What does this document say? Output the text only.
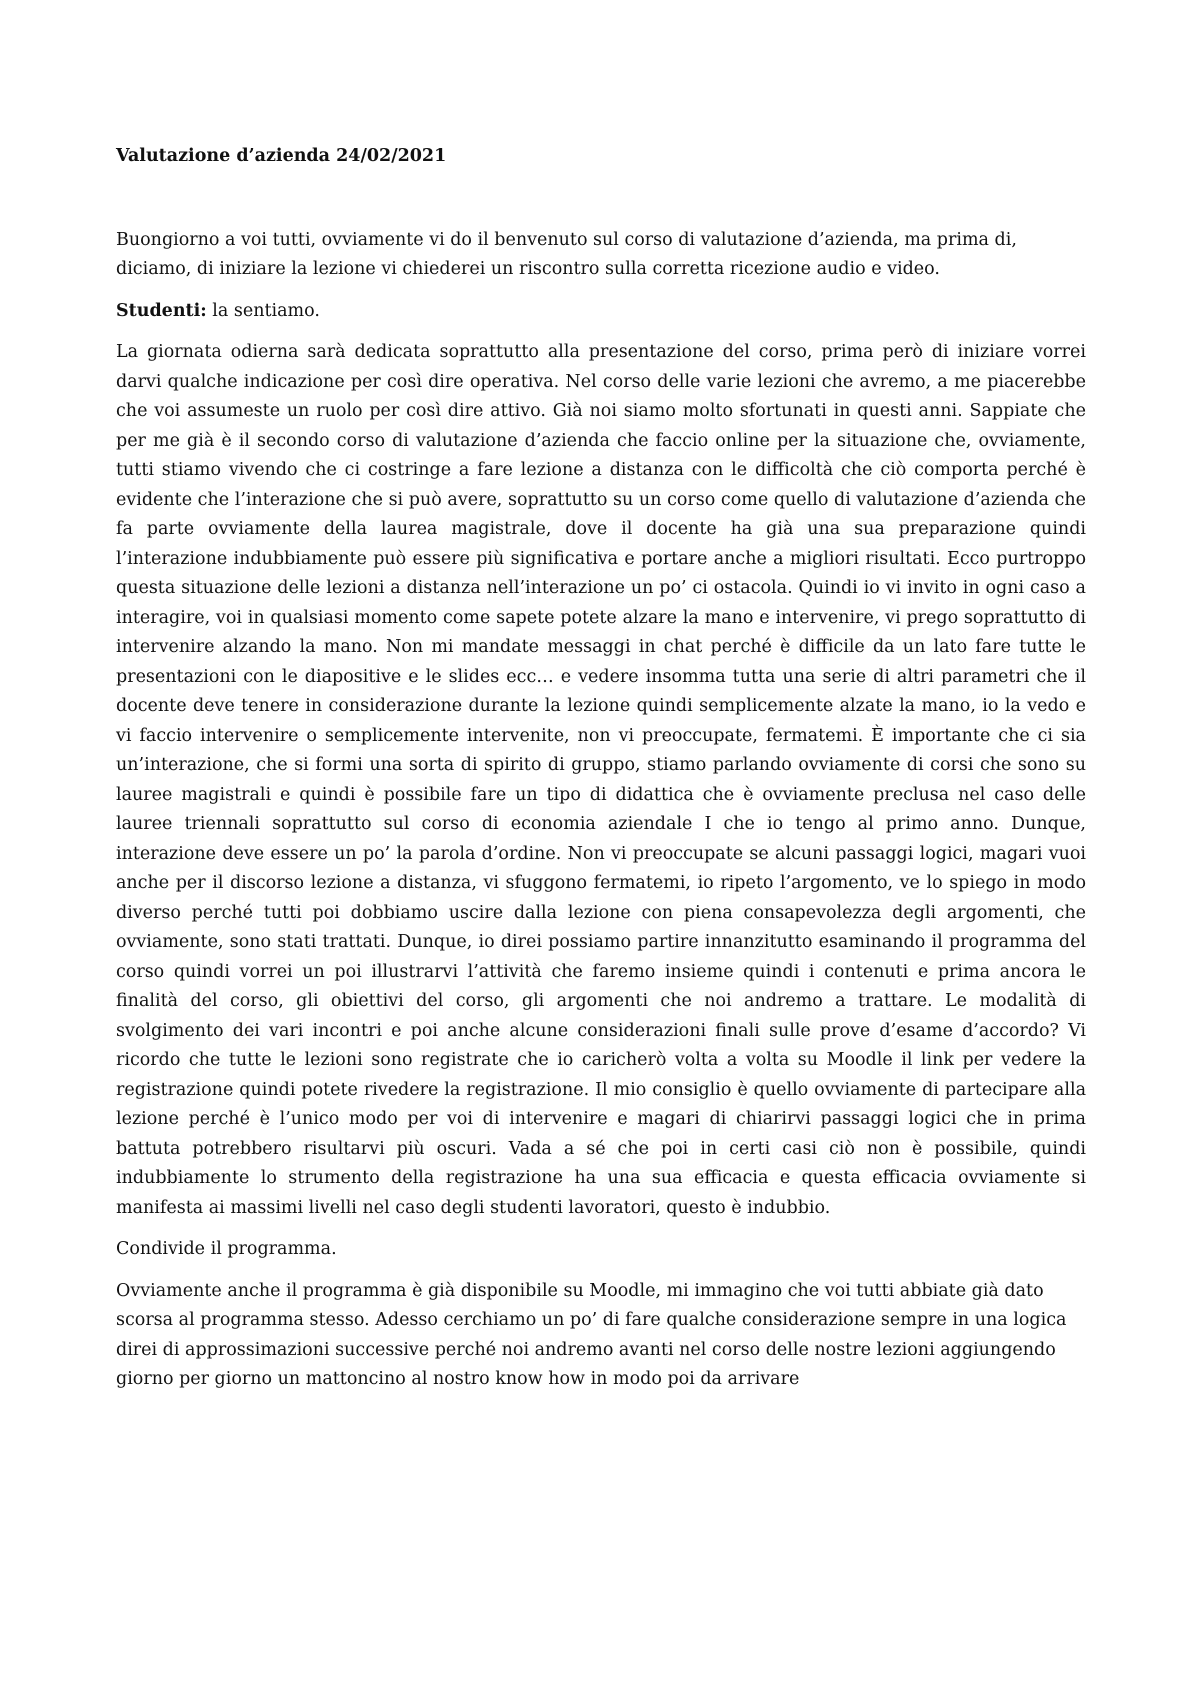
Valutazione d’azienda 24/02/2021

Buongiorno a voi tutti, ovviamente vi do il benvenuto sul corso di valutazione d’azienda, ma prima di, diciamo, di iniziare la lezione vi chiederei un riscontro sulla corretta ricezione audio e video.

Studenti: la sentiamo.

La giornata odierna sarà dedicata soprattutto alla presentazione del corso, prima però di iniziare vorrei darvi qualche indicazione per così dire operativa. Nel corso delle varie lezioni che avremo, a me piacerebbe che voi assumeste un ruolo per così dire attivo. Già noi siamo molto sfortunati in questi anni. Sappiate che per me già è il secondo corso di valutazione d’azienda che faccio online per la situazione che, ovviamente, tutti stiamo vivendo che ci costringe a fare lezione a distanza con le difficoltà che ciò comporta perché è evidente che l’interazione che si può avere, soprattutto su un corso come quello di valutazione d’azienda che fa parte ovviamente della laurea magistrale, dove il docente ha già una sua preparazione quindi l’interazione indubbiamente può essere più significativa e portare anche a migliori risultati. Ecco purtroppo questa situazione delle lezioni a distanza nell’interazione un po’ ci ostacola. Quindi io vi invito in ogni caso a interagire, voi in qualsiasi momento come sapete potete alzare la mano e intervenire, vi prego soprattutto di intervenire alzando la mano. Non mi mandate messaggi in chat perché è difficile da un lato fare tutte le presentazioni con le diapositive e le slides ecc… e vedere insomma tutta una serie di altri parametri che il docente deve tenere in considerazione durante la lezione quindi semplicemente alzate la mano, io la vedo e vi faccio intervenire o semplicemente intervenite, non vi preoccupate, fermatemi. È importante che ci sia un’interazione, che si formi una sorta di spirito di gruppo, stiamo parlando ovviamente di corsi che sono su lauree magistrali e quindi è possibile fare un tipo di didattica che è ovviamente preclusa nel caso delle lauree triennali soprattutto sul corso di economia aziendale I che io tengo al primo anno. Dunque, interazione deve essere un po’ la parola d’ordine. Non vi preoccupate se alcuni passaggi logici, magari vuoi anche per il discorso lezione a distanza, vi sfuggono fermatemi, io ripeto l’argomento, ve lo spiego in modo diverso perché tutti poi dobbiamo uscire dalla lezione con piena consapevolezza degli argomenti, che ovviamente, sono stati trattati. Dunque, io direi possiamo partire innanzitutto esaminando il programma del corso quindi vorrei un poi illustrarvi l’attività che faremo insieme quindi i contenuti e prima ancora le finalità del corso, gli obiettivi del corso, gli argomenti che noi andremo a trattare. Le modalità di svolgimento dei vari incontri e poi anche alcune considerazioni finali sulle prove d’esame d’accordo? Vi ricordo che tutte le lezioni sono registrate che io caricherò volta a volta su Moodle il link per vedere la registrazione quindi potete rivedere la registrazione. Il mio consiglio è quello ovviamente di partecipare alla lezione perché è l’unico modo per voi di intervenire e magari di chiarirvi passaggi logici che in prima battuta potrebbero risultarvi più oscuri. Vada a sé che poi in certi casi ciò non è possibile, quindi indubbiamente lo strumento della registrazione ha una sua efficacia e questa efficacia ovviamente si manifesta ai massimi livelli nel caso degli studenti lavoratori, questo è indubbio.

Condivide il programma.

Ovviamente anche il programma è già disponibile su Moodle, mi immagino che voi tutti abbiate già dato scorsa al programma stesso. Adesso cerchiamo un po’ di fare qualche considerazione sempre in una logica direi di approssimazioni successive perché noi andremo avanti nel corso delle nostre lezioni aggiungendo giorno per giorno un mattoncino al nostro know how in modo poi da arrivare
